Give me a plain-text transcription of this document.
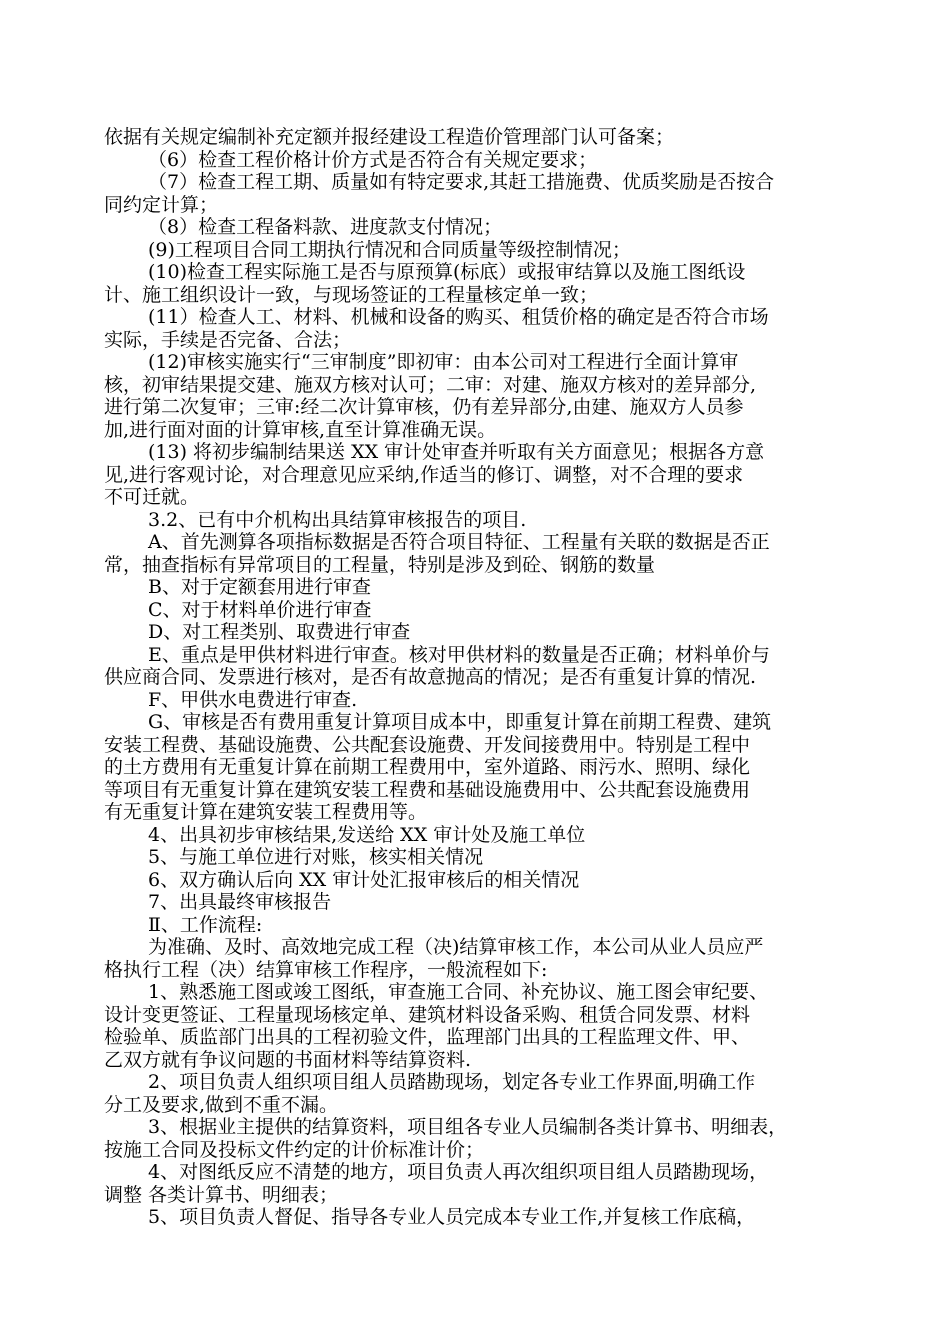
依据有关规定编制补充定额并报经建设工程造价管理部门认可备案；
（6）检查工程价格计价方式是否符合有关规定要求；
（7）检查工程工期、质量如有特定要求,其赶工措施费、优质奖励是否按合
同约定计算；
（8）检查工程备料款、进度款支付情况；
(9)工程项目合同工期执行情况和合同质量等级控制情况；
(10)检查工程实际施工是否与原预算(标底）或报审结算以及施工图纸设
计、施工组织设计一致，与现场签证的工程量核定单一致；
(11）检查人工、材料、机械和设备的购买、租赁价格的确定是否符合市场
实际，手续是否完备、合法；
(12)审核实施实行“三审制度”即初审：由本公司对工程进行全面计算审
核，初审结果提交建、施双方核对认可；二审：对建、施双方核对的差异部分,
进行第二次复审；三审:经二次计算审核，仍有差异部分,由建、施双方人员参
加,进行面对面的计算审核,直至计算准确无误。
(13) 将初步编制结果送 XX 审计处审查并听取有关方面意见；根据各方意
见,进行客观讨论，对合理意见应采纳,作适当的修订、调整，对不合理的要求
不可迁就。
3.2、已有中介机构出具结算审核报告的项目.
A、首先测算各项指标数据是否符合项目特征、工程量有关联的数据是否正
常，抽查指标有异常项目的工程量，特别是涉及到砼、钢筋的数量
B、对于定额套用进行审查
C、对于材料单价进行审查
D、对工程类别、取费进行审查
E、重点是甲供材料进行审查。核对甲供材料的数量是否正确；材料单价与
供应商合同、发票进行核对，是否有故意抛高的情况；是否有重复计算的情况.
F、甲供水电费进行审查.
G、审核是否有费用重复计算项目成本中，即重复计算在前期工程费、建筑
安装工程费、基础设施费、公共配套设施费、开发间接费用中。特别是工程中
的土方费用有无重复计算在前期工程费用中，室外道路、雨污水、照明、绿化
等项目有无重复计算在建筑安装工程费和基础设施费用中、公共配套设施费用
有无重复计算在建筑安装工程费用等。
4、出具初步审核结果,发送给 XX 审计处及施工单位
5、与施工单位进行对账，核实相关情况
6、双方确认后向 XX 审计处汇报审核后的相关情况
7、出具最终审核报告
Ⅱ、工作流程:
为准确、及时、高效地完成工程（决)结算审核工作，本公司从业人员应严
格执行工程（决）结算审核工作程序，一般流程如下:
1、熟悉施工图或竣工图纸，审查施工合同、补充协议、施工图会审纪要、
设计变更签证、工程量现场核定单、建筑材料设备采购、租赁合同发票、材料
检验单、质监部门出具的工程初验文件，监理部门出具的工程监理文件、甲、
乙双方就有争议问题的书面材料等结算资料.
2、项目负责人组织项目组人员踏勘现场，划定各专业工作界面,明确工作
分工及要求,做到不重不漏。
3、根据业主提供的结算资料，项目组各专业人员编制各类计算书、明细表，
按施工合同及投标文件约定的计价标准计价；
4、对图纸反应不清楚的地方，项目负责人再次组织项目组人员踏勘现场，
调整 各类计算书、明细表；
5、项目负责人督促、指导各专业人员完成本专业工作,并复核工作底稿，
